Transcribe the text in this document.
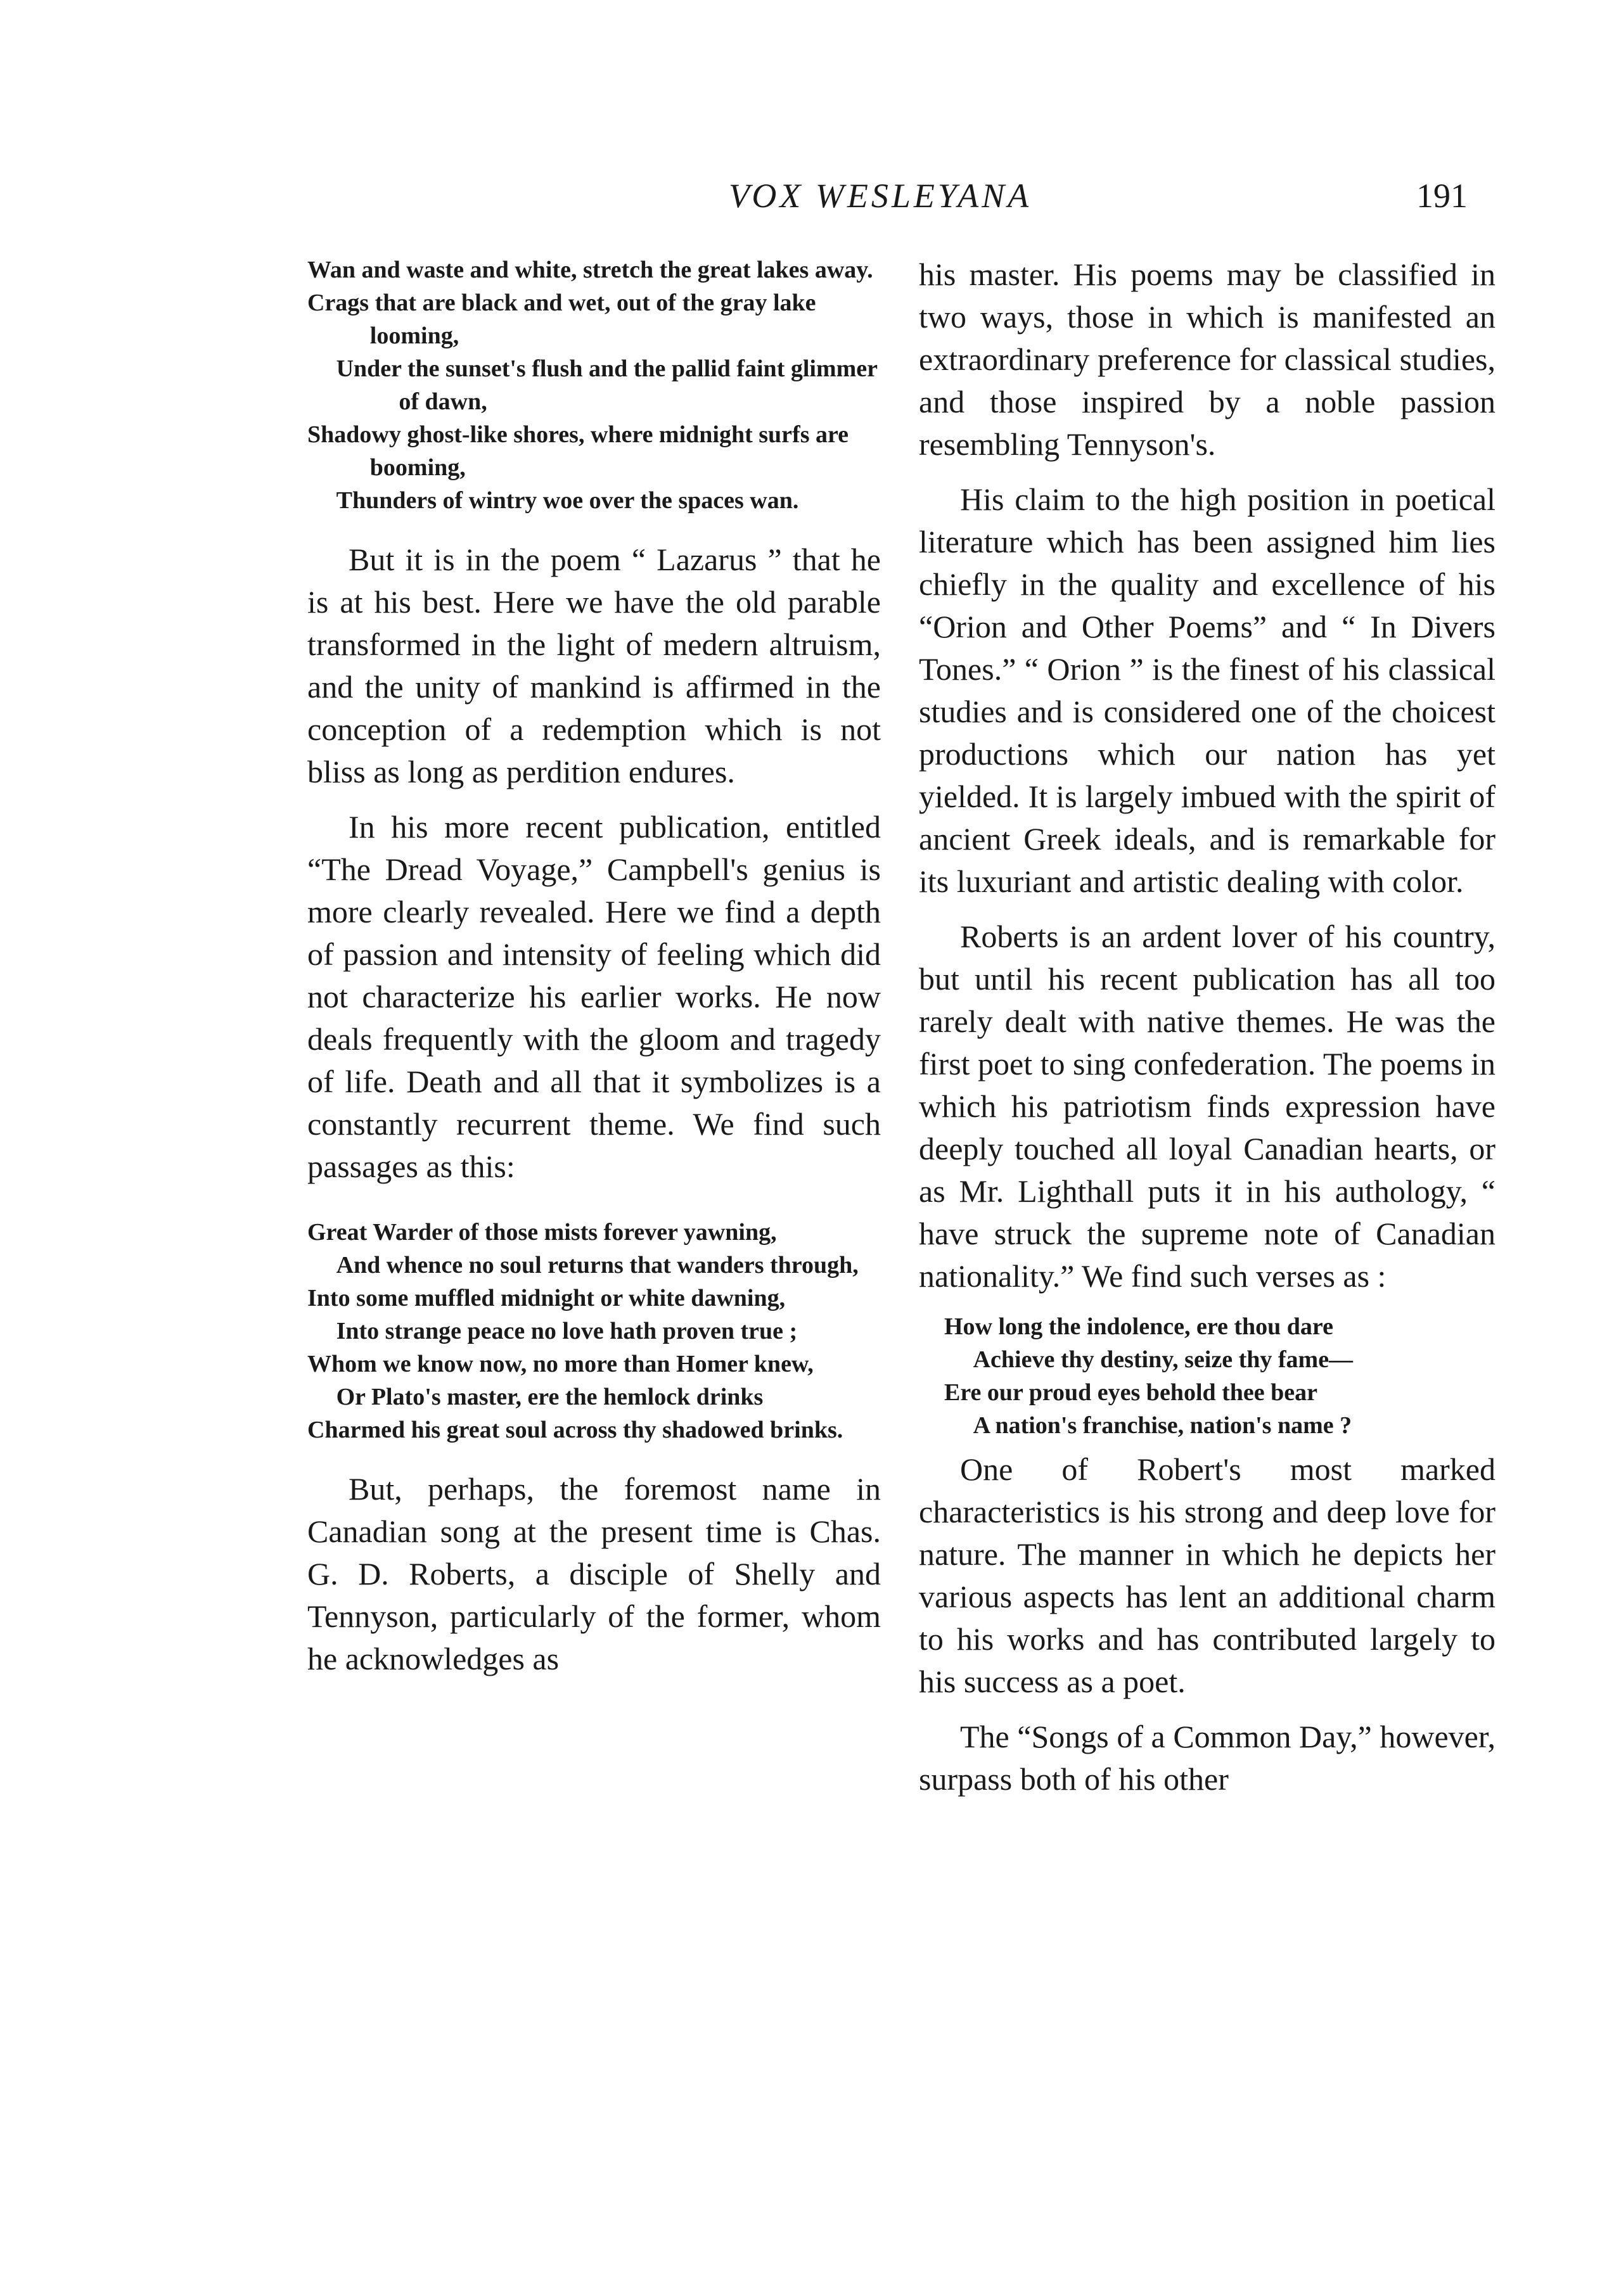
VOX WESLEYANA	191

Wan and waste and white, stretch the great lakes away.

Crags that are black and wet, out of the gray lake looming,

Under the sunset's flush and the pallid faint glimmer of dawn,

Shadowy ghost-like shores, where midnight surfs are booming,

Thunders of wintry woe over the spaces wan.

But it is in the poem “ Lazarus ” that he is at his best. Here we have the old parable transformed in the light of medern altruism, and the unity of mankind is affirmed in the conception of a redemption which is not bliss as long as perdition endures.

In his more recent publication, entitled “The Dread Voyage,” Campbell's genius is more clearly revealed. Here we find a depth of passion and intensity of feeling which did not characterize his earlier works. He now deals frequently with the gloom and tragedy of life. Death and all that it symbolizes is a constantly recurrent theme. We find such passages as this:

Great Warder of those mists forever yawning,

And whence no soul returns that wanders through,

Into some muffled midnight or white dawning,

Into strange peace no love hath proven true ;

Whom we know now, no more than Homer knew,

Or Plato's master, ere the hemlock drinks

Charmed his great soul across thy shadowed brinks.

But, perhaps, the foremost name in Canadian song at the present time is Chas. G. D. Roberts, a disciple of Shelly and Tennyson, particularly of the former, whom he acknowledges as

his master. His poems may be classified in two ways, those in which is manifested an extraordinary preference for classical studies, and those inspired by a noble passion resembling Tennyson's.

His claim to the high position in poetical literature which has been assigned him lies chiefly in the quality and excellence of his “Orion and Other Poems” and “ In Divers Tones.” “ Orion ” is the finest of his classical studies and is considered one of the choicest productions which our nation has yet yielded. It is largely imbued with the spirit of ancient Greek ideals, and is remarkable for its luxuriant and artistic dealing with color.

Roberts is an ardent lover of his country, but until his recent publication has all too rarely dealt with native themes. He was the first poet to sing confederation. The poems in which his patriotism finds expression have deeply touched all loyal Canadian hearts, or as Mr. Lighthall puts it in his authology, “ have struck the supreme note of Canadian nationality.” We find such verses as :

How long the indolence, ere thou dare

Achieve thy destiny, seize thy fame—

Ere our proud eyes behold thee bear

A nation's franchise, nation's name ?

One of Robert's most marked characteristics is his strong and deep love for nature. The manner in which he depicts her various aspects has lent an additional charm to his works and has contributed largely to his success as a poet.

The “Songs of a Common Day,” however, surpass both of his other
